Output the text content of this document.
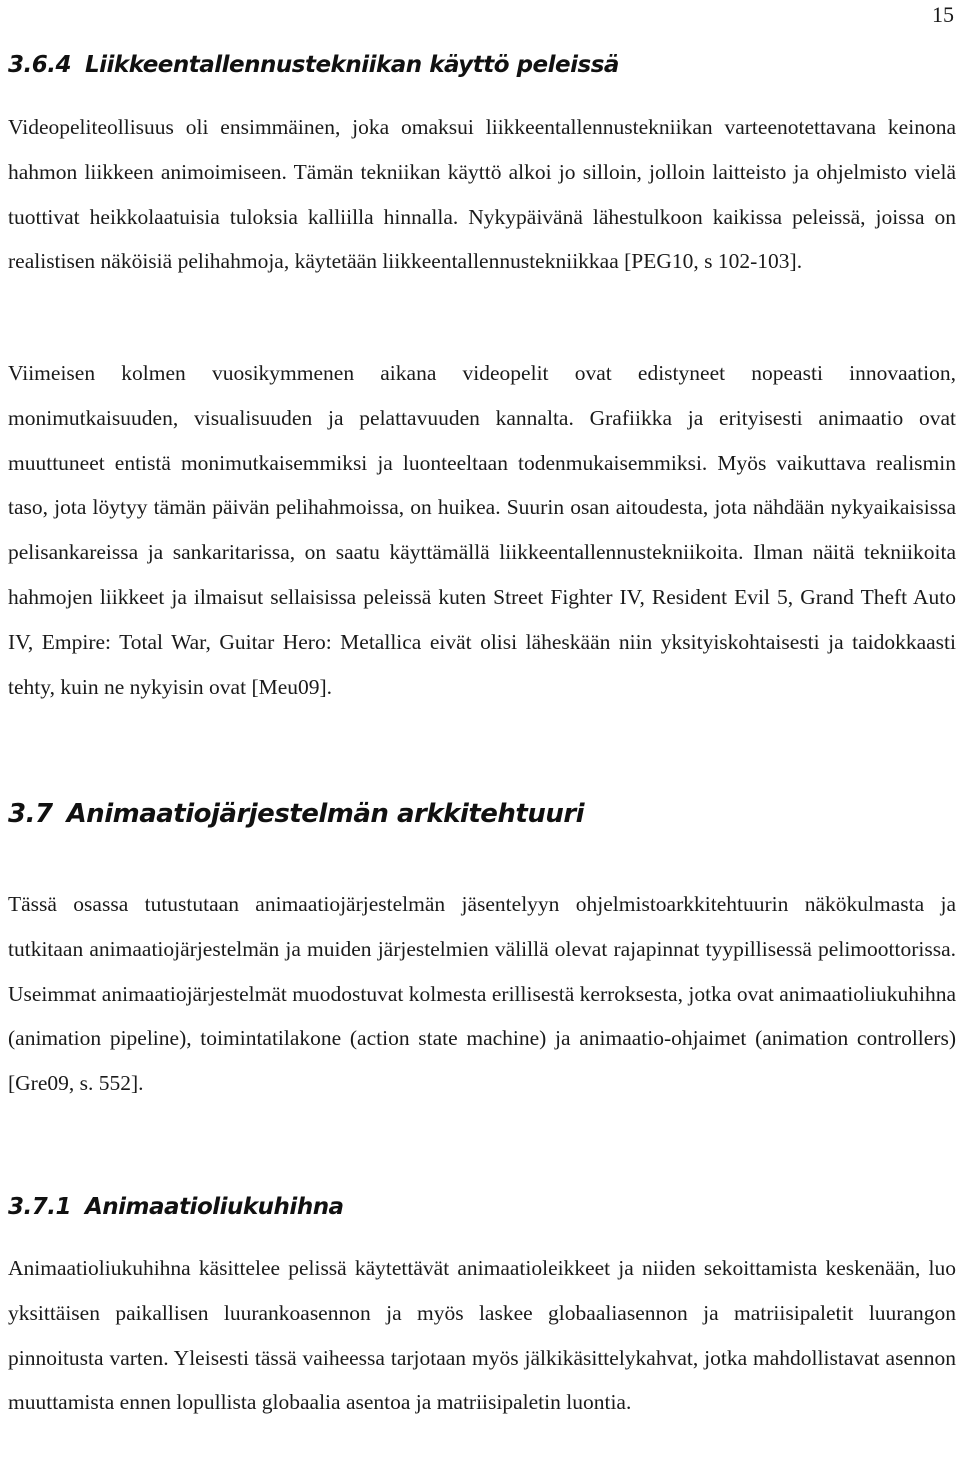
15
3.6.4 Liikkeentallennustekniikan käyttö peleissä

Videopeliteollisuus oli ensimmäinen, joka omaksui liikkeentallennustekniikan varteenotettavana keinona hahmon liikkeen animoimiseen. Tämän tekniikan käyttö alkoi jo silloin, jolloin laitteisto ja ohjelmisto vielä tuottivat heikkolaatuisia tuloksia kalliilla hinnalla. Nykypäivänä lähestulkoon kaikissa peleissä, joissa on realistisen näköisiä pelihahmoja, käytetään liikkeentallennustekniikkaa [PEG10, s 102-103].

Viimeisen kolmen vuosikymmenen aikana videopelit ovat edistyneet nopeasti innovaation, monimutkaisuuden, visualisuuden ja pelattavuuden kannalta. Grafiikka ja erityisesti animaatio ovat muuttuneet entistä monimutkaisemmiksi ja luonteeltaan todenmukaisemmiksi. Myös vaikuttava realismin taso, jota löytyy tämän päivän pelihahmoissa, on huikea. Suurin osan aitoudesta, jota nähdään nykyaikaisissa pelisankareissa ja sankaritarissa, on saatu käyttämällä liikkeentallennustekniikoita. Ilman näitä tekniikoita hahmojen liikkeet ja ilmaisut sellaisissa peleissä kuten Street Fighter IV, Resident Evil 5, Grand Theft Auto IV, Empire: Total War, Guitar Hero: Metallica eivät olisi läheskään niin yksityiskohtaisesti ja taidokkaasti tehty, kuin ne nykyisin ovat [Meu09].

3.7 Animaatiojärjestelmän arkkitehtuuri

Tässä osassa tutustutaan animaatiojärjestelmän jäsentelyyn ohjelmistoarkkitehtuurin näkökulmasta ja tutkitaan animaatiojärjestelmän ja muiden järjestelmien välillä olevat rajapinnat tyypillisessä pelimoottorissa. Useimmat animaatiojärjestelmät muodostuvat kolmesta erillisestä kerroksesta, jotka ovat animaatioliukuhihna (animation pipeline), toimintatilakone (action state machine) ja animaatio-ohjaimet (animation controllers) [Gre09, s. 552].

3.7.1 Animaatioliukuhihna

Animaatioliukuhihna käsittelee pelissä käytettävät animaatioleikkeet ja niiden sekoittamista keskenään, luo yksittäisen paikallisen luurankoasennon ja myös laskee globaaliasennon ja matriisipaletit luurangon pinnoitusta varten. Yleisesti tässä vaiheessa tarjotaan myös jälkikäsittelykahvat, jotka mahdollistavat asennon muuttamista ennen lopullista globaalia asentoa ja matriisipaletin luontia.
